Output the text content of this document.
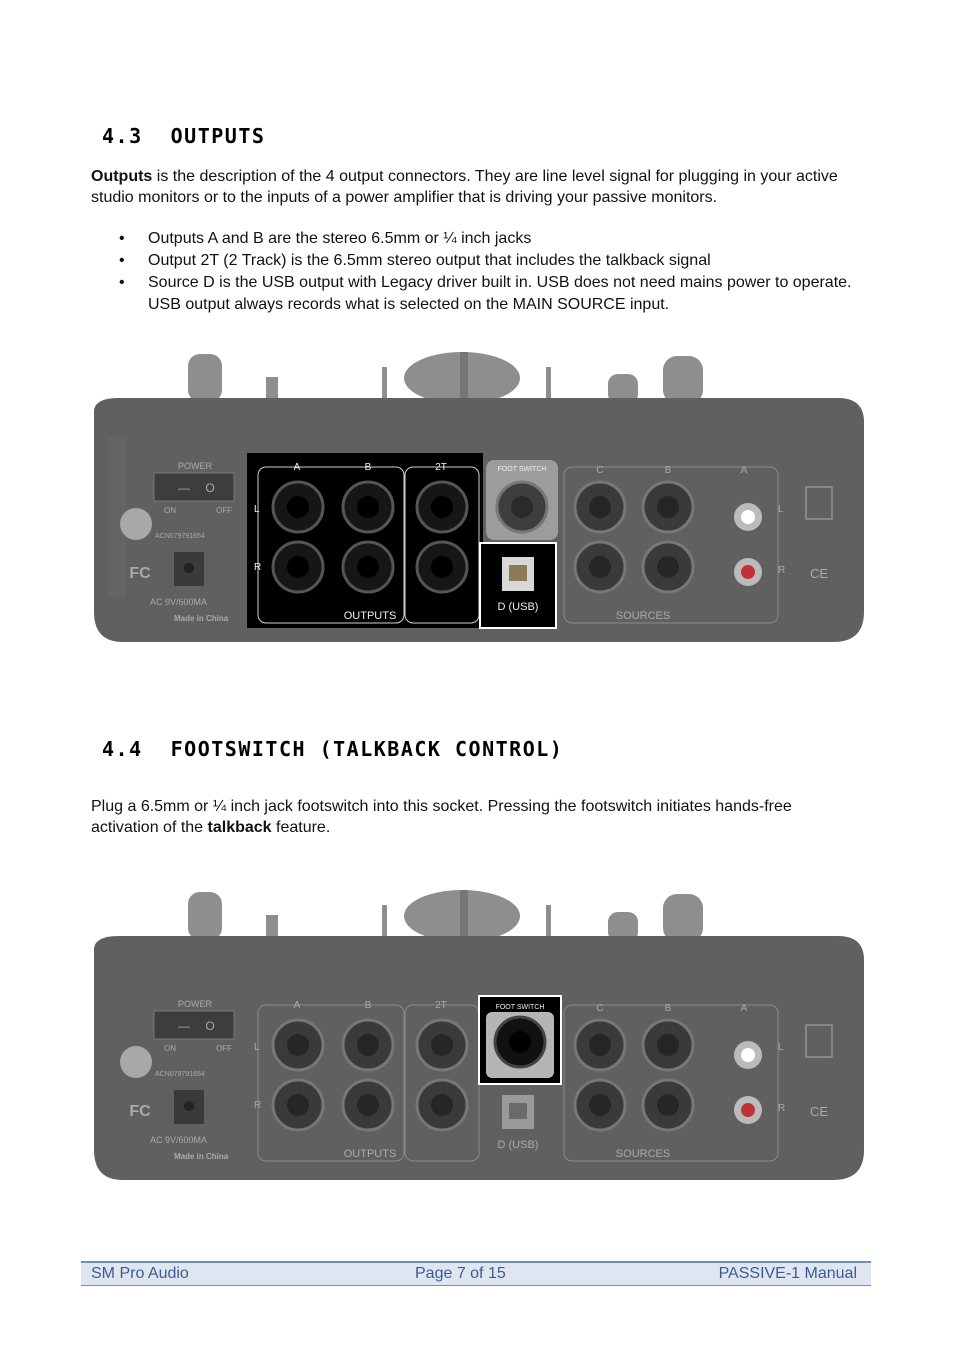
4.3 OUTPUTS

Outputs is the description of the 4 output connectors. They are line level signal for plugging in your active studio monitors or to the inputs of a power amplifier that is driving your passive monitors.

• Outputs A and B are the stereo 6.5mm or ¼ inch jacks
• Output 2T (2 Track) is the 6.5mm stereo output that includes the talkback signal
• Source D is the USB output with Legacy driver built in. USB does not need mains power to operate. USB output always records what is selected on the MAIN SOURCE input.
POWER
— O
ON	OFF
ACN079791654
FC
AC 9V/600MA
Made in China
A	B	2T
L
R
OUTPUTS
FOOT SWITCH
D (USB)
C	B	A
L
R
SOURCES
CE
4.4 FOOTSWITCH (TALKBACK CONTROL)

Plug a 6.5mm or ¼ inch jack footswitch into this socket. Pressing the footswitch initiates hands-free activation of the talkback feature.

POWER
— O
ON	OFF
ACN079791654
FC
AC 9V/600MA
Made in China
A	B	2T
L
R
OUTPUTS
FOOT SWITCH
D (USB)
C	B	A
L
R
SOURCES
CE
SM Pro Audio	Page 7 of 15	PASSIVE-1 Manual
